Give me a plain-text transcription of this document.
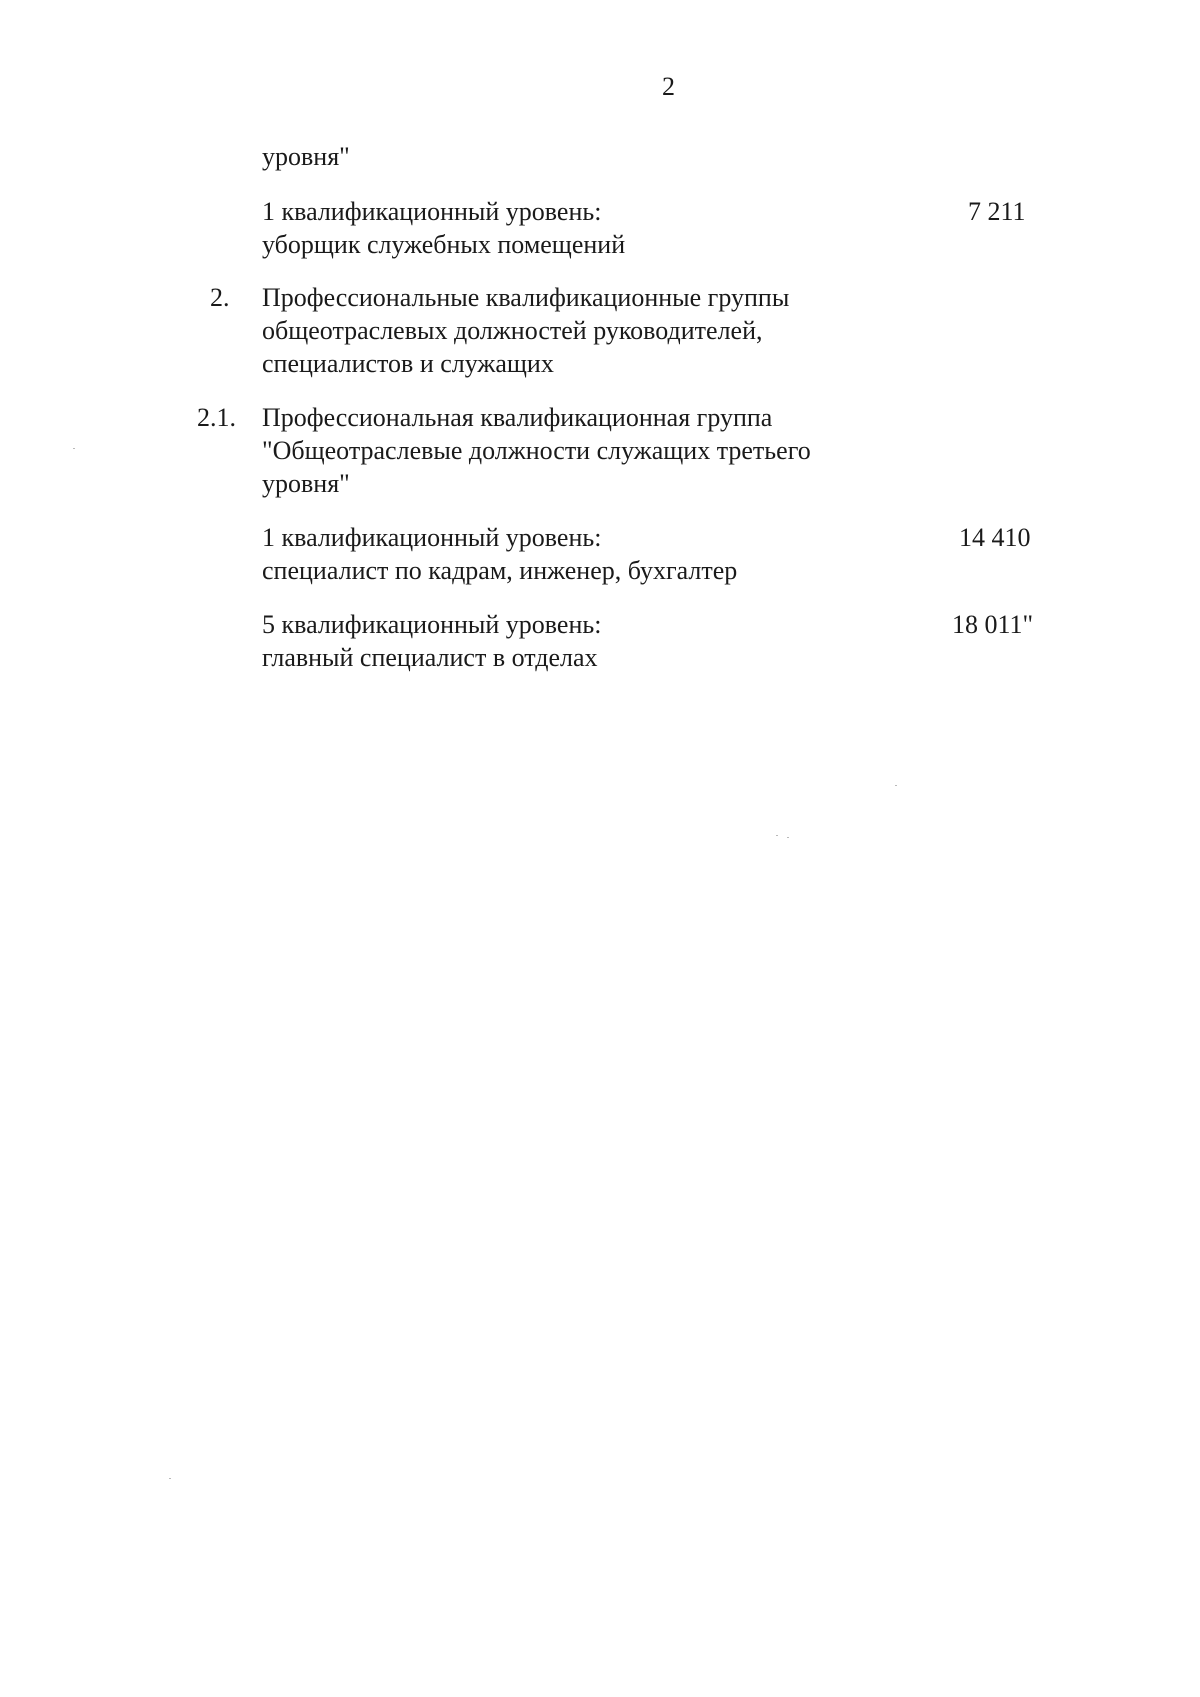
2
уровня"
1 квалификационный уровень:
уборщик служебных помещений
7 211
2. Профессиональные квалификационные группы
общеотраслевых должностей руководителей,
специалистов и служащих
2.1. Профессиональная квалификационная группа
"Общеотраслевые должности служащих третьего
уровня"
1 квалификационный уровень:
специалист по кадрам, инженер, бухгалтер
14 410
5 квалификационный уровень:
главный специалист в отделах
18 011"
